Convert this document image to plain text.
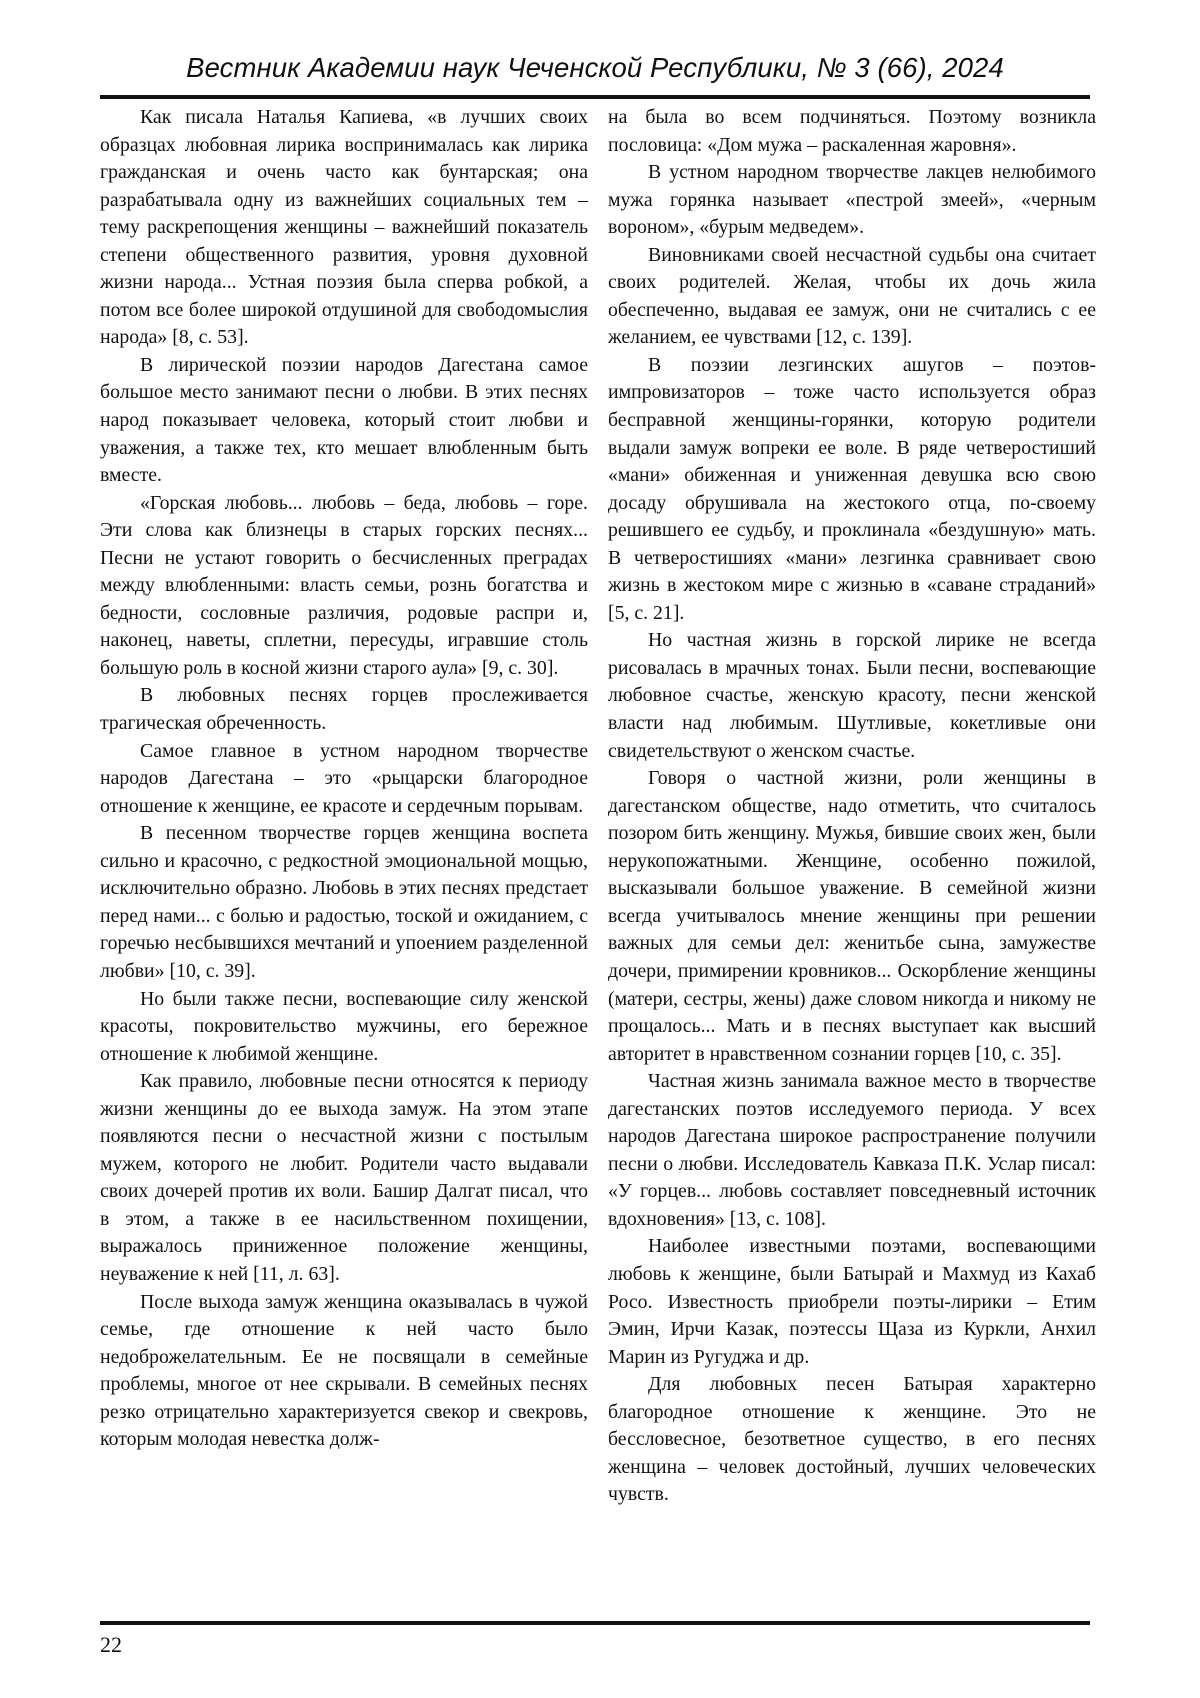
Вестник Академии наук Чеченской Республики, № 3 (66), 2024

Как писала Наталья Капиева, «в лучших своих образцах любовная лирика воспринималась как лирика гражданская и очень часто как бунтарская; она разрабатывала одну из важнейших социальных тем – тему раскрепощения женщины – важнейший показатель степени общественного развития, уровня духовной жизни народа... Устная поэзия была сперва робкой, а потом все более широкой отдушиной для свободомыслия народа» [8, с. 53].

В лирической поэзии народов Дагестана самое большое место занимают песни о любви. В этих песнях народ показывает человека, который стоит любви и уважения, а также тех, кто мешает влюбленным быть вместе.

«Горская любовь... любовь – беда, любовь – горе. Эти слова как близнецы в старых горских песнях... Песни не устают говорить о бесчисленных преградах между влюбленными: власть семьи, рознь богатства и бедности, сословные различия, родовые распри и, наконец, наветы, сплетни, пересуды, игравшие столь большую роль в косной жизни старого аула» [9, с. 30].

В любовных песнях горцев прослеживается трагическая обреченность.

Самое главное в устном народном творчестве народов Дагестана – это «рыцарски благородное отношение к женщине, ее красоте и сердечным порывам.

В песенном творчестве горцев женщина воспета сильно и красочно, с редкостной эмоциональной мощью, исключительно образно. Любовь в этих песнях предстает перед нами... с болью и радостью, тоской и ожиданием, с горечью несбывшихся мечтаний и упоением разделенной любви» [10, с. 39].

Но были также песни, воспевающие силу женской красоты, покровительство мужчины, его бережное отношение к любимой женщине.

Как правило, любовные песни относятся к периоду жизни женщины до ее выхода замуж. На этом этапе появляются песни о несчастной жизни с постылым мужем, которого не любит. Родители часто выдавали своих дочерей против их воли. Башир Далгат писал, что в этом, а также в ее насильственном похищении, выражалось приниженное положение женщины, неуважение к ней [11, л. 63].

После выхода замуж женщина оказывалась в чужой семье, где отношение к ней часто было недоброжелательным. Ее не посвящали в семейные проблемы, многое от нее скрывали. В семейных песнях резко отрицательно характеризуется свекор и свекровь, которым молодая невестка долж-

на была во всем подчиняться. Поэтому возникла пословица: «Дом мужа – раскаленная жаровня».

В устном народном творчестве лакцев нелюбимого мужа горянка называет «пестрой змеей», «черным вороном», «бурым медведем».

Виновниками своей несчастной судьбы она считает своих родителей. Желая, чтобы их дочь жила обеспеченно, выдавая ее замуж, они не считались с ее желанием, ее чувствами [12, с. 139].

В поэзии лезгинских ашугов – поэтов-импровизаторов – тоже часто используется образ бесправной женщины-горянки, которую родители выдали замуж вопреки ее воле. В ряде четверостиший «мани» обиженная и униженная девушка всю свою досаду обрушивала на жестокого отца, по-своему решившего ее судьбу, и проклинала «бездушную» мать. В четверостишиях «мани» лезгинка сравнивает свою жизнь в жестоком мире с жизнью в «саване страданий» [5, с. 21].

Но частная жизнь в горской лирике не всегда рисовалась в мрачных тонах. Были песни, воспевающие любовное счастье, женскую красоту, песни женской власти над любимым. Шутливые, кокетливые они свидетельствуют о женском счастье.

Говоря о частной жизни, роли женщины в дагестанском обществе, надо отметить, что считалось позором бить женщину. Мужья, бившие своих жен, были нерукопожатными. Женщине, особенно пожилой, высказывали большое уважение. В семейной жизни всегда учитывалось мнение женщины при решении важных для семьи дел: женитьбе сына, замужестве дочери, примирении кровников... Оскорбление женщины (матери, сестры, жены) даже словом никогда и никому не прощалось... Мать и в песнях выступает как высший авторитет в нравственном сознании горцев [10, с. 35].

Частная жизнь занимала важное место в творчестве дагестанских поэтов исследуемого периода. У всех народов Дагестана широкое распространение получили песни о любви. Исследователь Кавказа П.К. Услар писал: «У горцев... любовь составляет повседневный источник вдохновения» [13, с. 108].

Наиболее известными поэтами, воспевающими любовь к женщине, были Батырай и Махмуд из Кахаб Росо. Известность приобрели поэты-лирики – Етим Эмин, Ирчи Казак, поэтессы Щаза из Куркли, Анхил Марин из Ругуджа и др.

Для любовных песен Батырая характерно благородное отношение к женщине. Это не бессловесное, безответное существо, в его песнях женщина – человек достойный, лучших человеческих чувств.

22
